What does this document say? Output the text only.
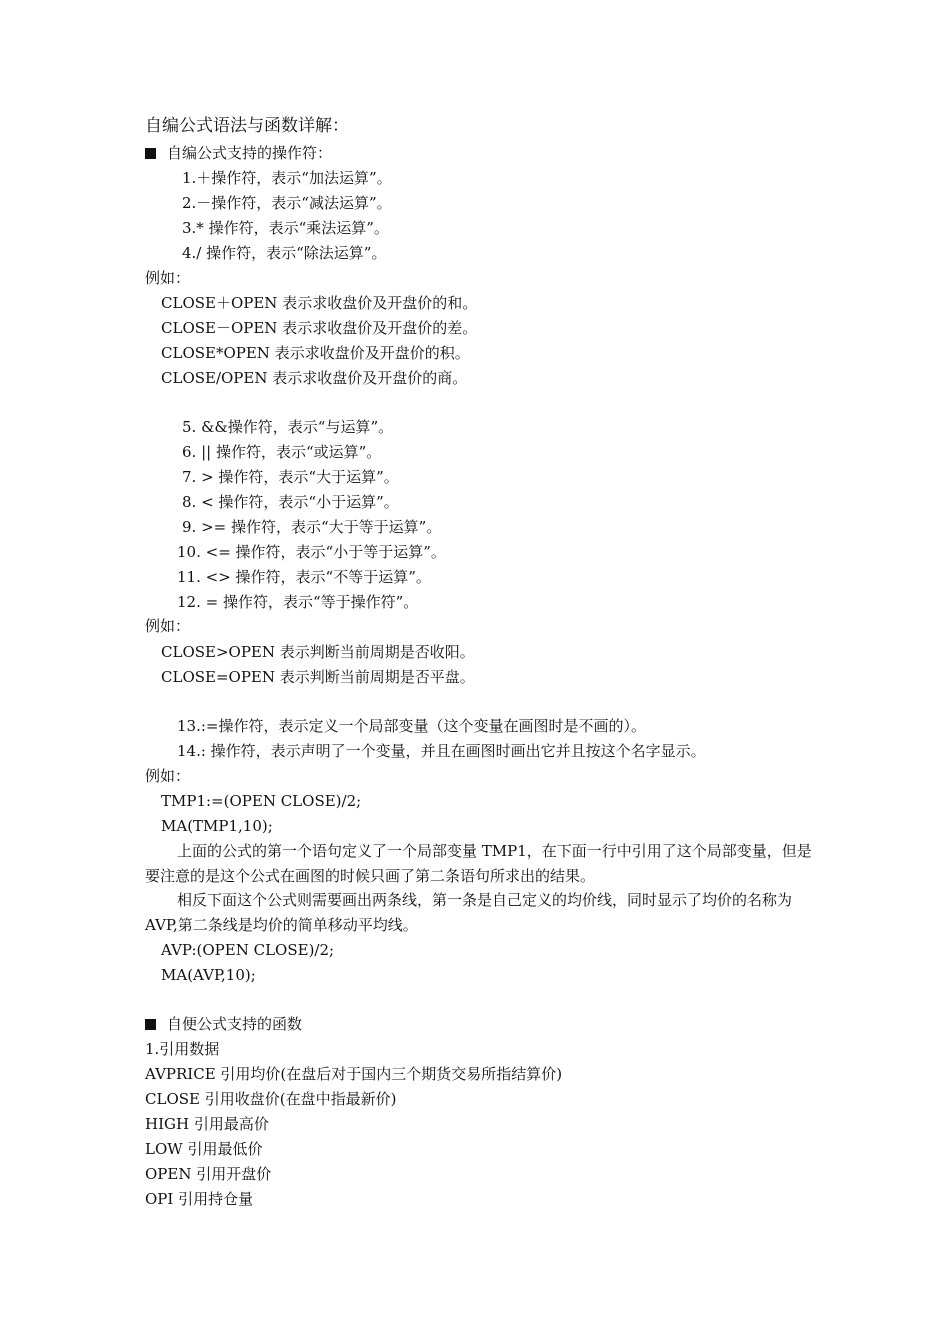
自编公式语法与函数详解：
自编公式支持的操作符：
1.＋操作符，表示“加法运算”。
2.－操作符，表示“减法运算”。
3.* 操作符，表示“乘法运算”。
4./ 操作符，表示“除法运算”。
例如：
CLOSE＋OPEN 表示求收盘价及开盘价的和。
CLOSE－OPEN 表示求收盘价及开盘价的差。
CLOSE*OPEN 表示求收盘价及开盘价的积。
CLOSE/OPEN 表示求收盘价及开盘价的商。
5. &&操作符，表示“与运算”。
6. || 操作符，表示“或运算”。
7. > 操作符，表示“大于运算”。
8. < 操作符，表示“小于运算”。
9. >= 操作符，表示“大于等于运算”。
10. <= 操作符，表示“小于等于运算”。
11. <> 操作符，表示“不等于运算”。
12. = 操作符，表示“等于操作符”。
例如：
CLOSE>OPEN 表示判断当前周期是否收阳。
CLOSE=OPEN 表示判断当前周期是否平盘。
13.:=操作符，表示定义一个局部变量（这个变量在画图时是不画的）。
14.: 操作符，表示声明了一个变量，并且在画图时画出它并且按这个名字显示。
例如：
TMP1:=(OPEN CLOSE)/2;
MA(TMP1,10);
上面的公式的第一个语句定义了一个局部变量 TMP1，在下面一行中引用了这个局部变量，但是要注意的是这个公式在画图的时候只画了第二条语句所求出的结果。
相反下面这个公式则需要画出两条线，第一条是自己定义的均价线，同时显示了均价的名称为 AVP,第二条线是均价的简单移动平均线。
AVP:(OPEN CLOSE)/2;
MA(AVP,10);
自便公式支持的函数
1.引用数据
AVPRICE 引用均价(在盘后对于国内三个期货交易所指结算价)
CLOSE 引用收盘价(在盘中指最新价)
HIGH 引用最高价
LOW 引用最低价
OPEN 引用开盘价
OPI 引用持仓量
